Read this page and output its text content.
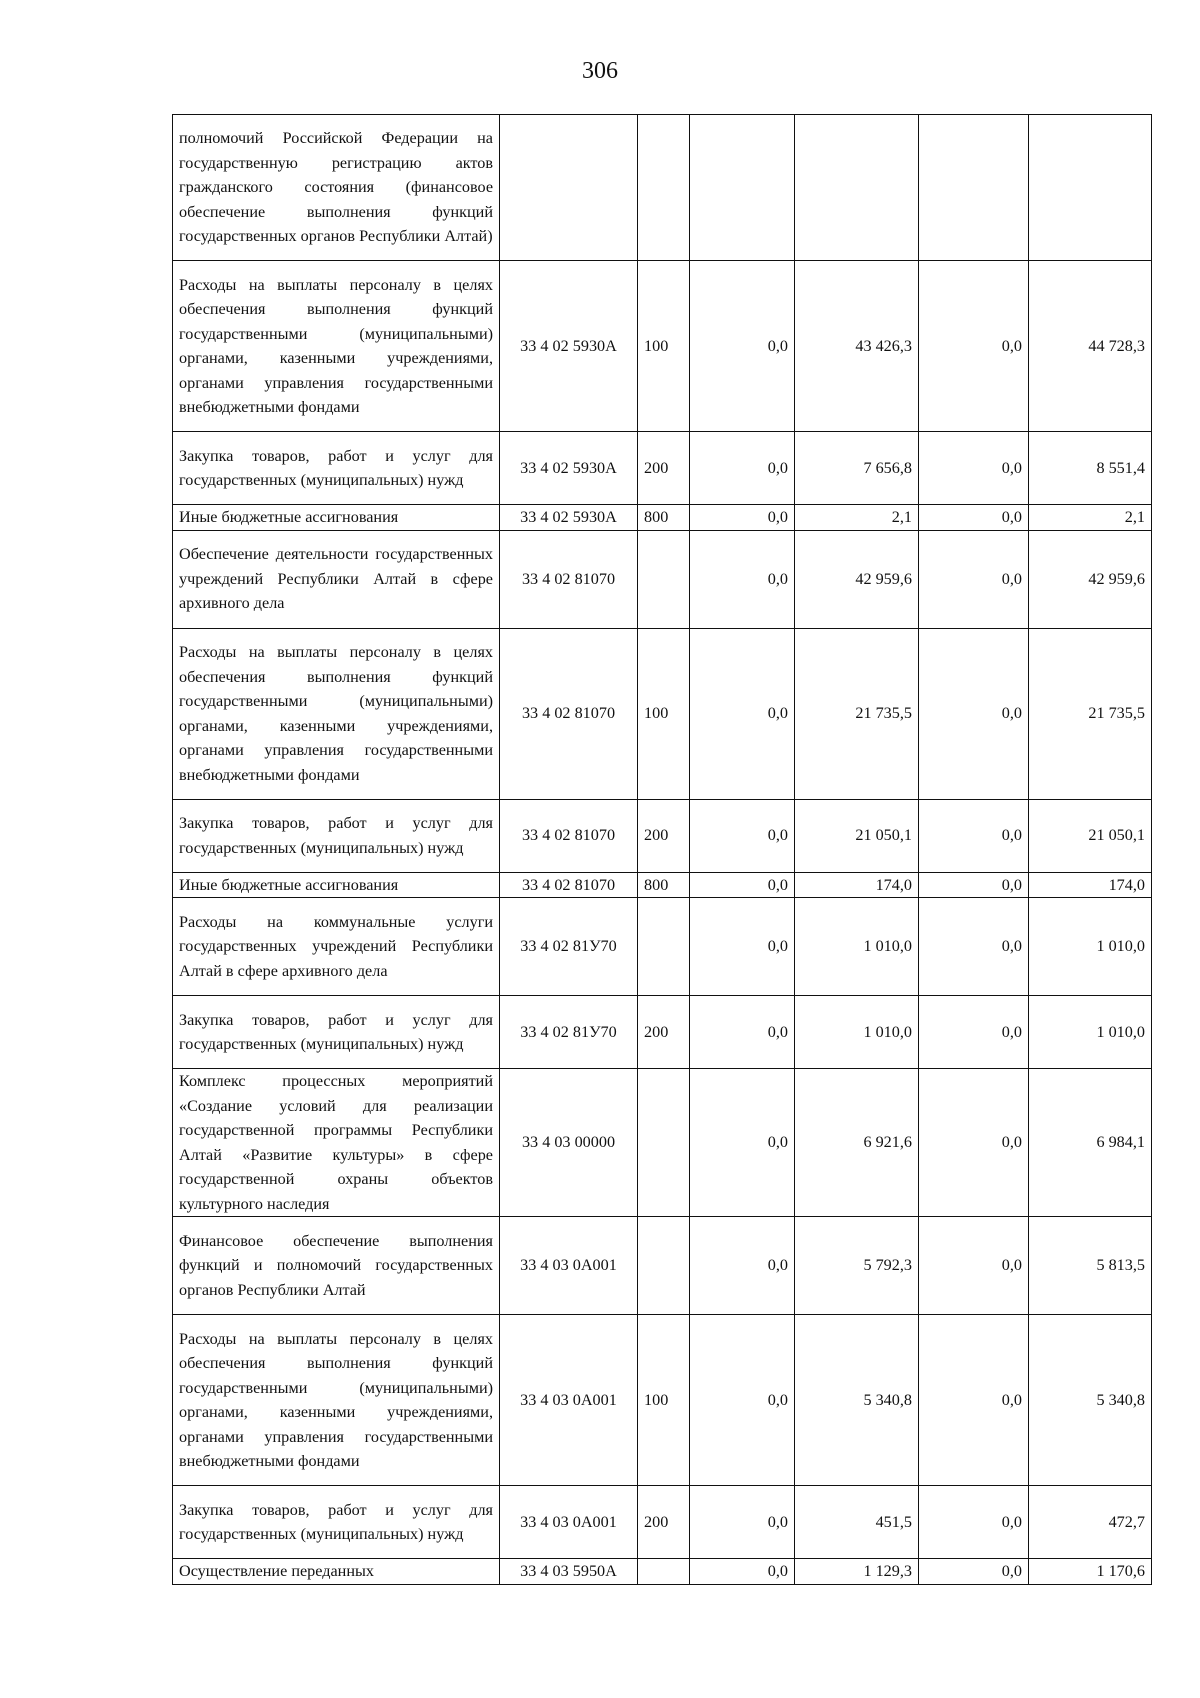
306
полномочий Российской Федерации на государственную регистрацию актов гражданского состояния (финансовое обеспечение выполнения функций государственных органов Республики Алтай)						
Расходы на выплаты персоналу в целях обеспечения выполнения функций государственными (муниципальными) органами, казенными учреждениями, органами управления государственными внебюджетными фондами	33 4 02 5930A	100	0,0	43 426,3	0,0	44 728,3
Закупка товаров, работ и услуг для государственных (муниципальных) нужд	33 4 02 5930A	200	0,0	7 656,8	0,0	8 551,4
Иные бюджетные ассигнования	33 4 02 5930A	800	0,0	2,1	0,0	2,1
Обеспечение деятельности государственных учреждений Республики Алтай в сфере архивного дела	33 4 02 81070		0,0	42 959,6	0,0	42 959,6
Расходы на выплаты персоналу в целях обеспечения выполнения функций государственными (муниципальными) органами, казенными учреждениями, органами управления государственными внебюджетными фондами	33 4 02 81070	100	0,0	21 735,5	0,0	21 735,5
Закупка товаров, работ и услуг для государственных (муниципальных) нужд	33 4 02 81070	200	0,0	21 050,1	0,0	21 050,1
Иные бюджетные ассигнования	33 4 02 81070	800	0,0	174,0	0,0	174,0
Расходы на коммунальные услуги государственных учреждений Республики Алтай в сфере архивного дела	33 4 02 81У70		0,0	1 010,0	0,0	1 010,0
Закупка товаров, работ и услуг для государственных (муниципальных) нужд	33 4 02 81У70	200	0,0	1 010,0	0,0	1 010,0
Комплекс процессных мероприятий «Создание условий для реализации государственной программы Республики Алтай «Развитие культуры» в сфере государственной охраны объектов культурного наследия	33 4 03 00000		0,0	6 921,6	0,0	6 984,1
Финансовое обеспечение выполнения функций и полномочий государственных органов Республики Алтай	33 4 03 0A001		0,0	5 792,3	0,0	5 813,5
Расходы на выплаты персоналу в целях обеспечения выполнения функций государственными (муниципальными) органами, казенными учреждениями, органами управления государственными внебюджетными фондами	33 4 03 0A001	100	0,0	5 340,8	0,0	5 340,8
Закупка товаров, работ и услуг для государственных (муниципальных) нужд	33 4 03 0A001	200	0,0	451,5	0,0	472,7
Осуществление переданных	33 4 03 5950A		0,0	1 129,3	0,0	1 170,6
